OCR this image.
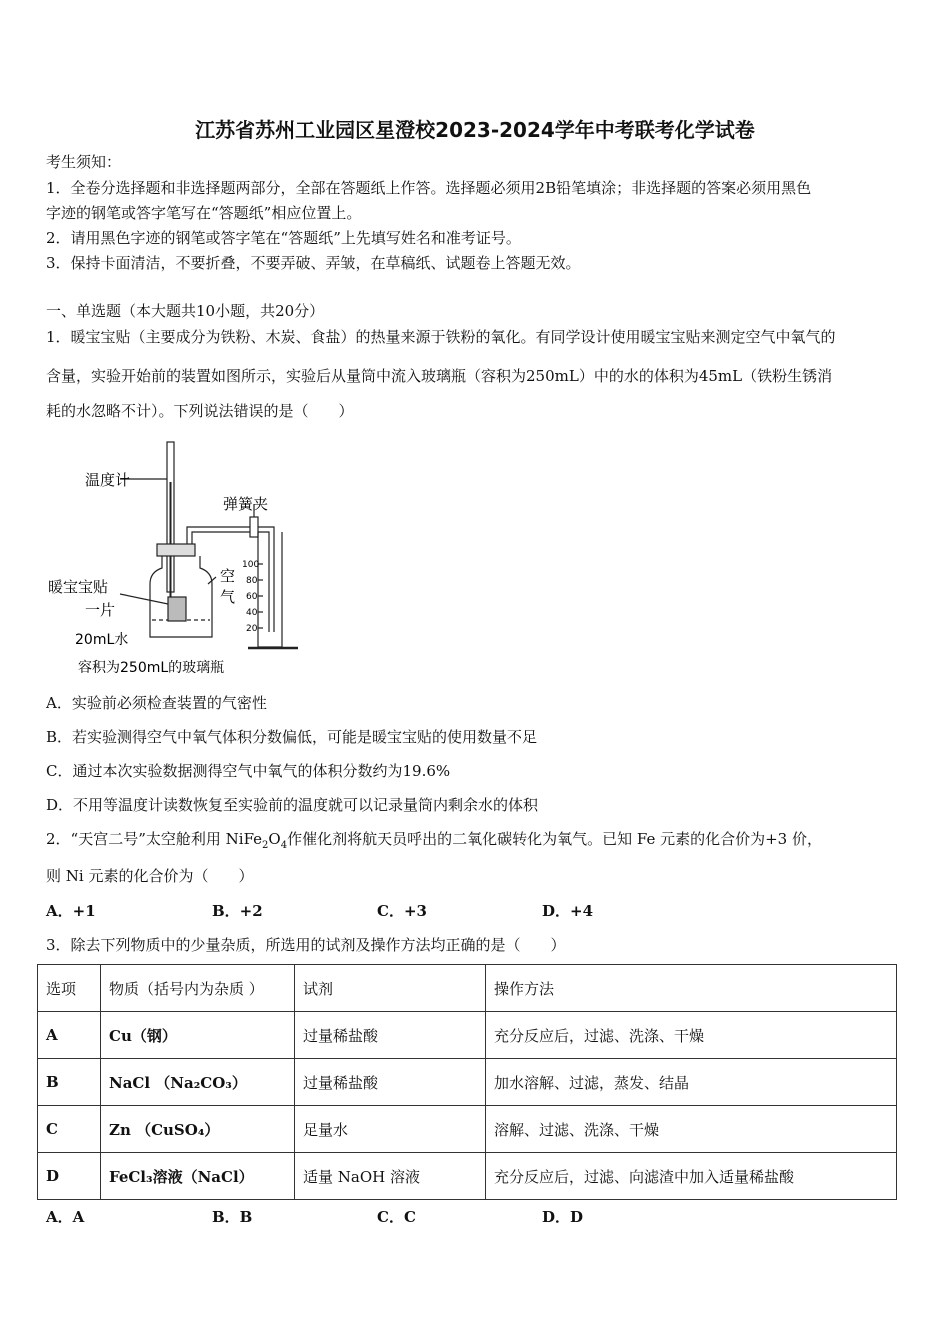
江苏省苏州工业园区星澄校2023-2024学年中考联考化学试卷
考生须知：
1．全卷分选择题和非选择题两部分，全部在答题纸上作答。选择题必须用2B铅笔填涂；非选择题的答案必须用黑色
字迹的钢笔或答字笔写在“答题纸”相应位置上。
2．请用黑色字迹的钢笔或答字笔在“答题纸”上先填写姓名和准考证号。
3．保持卡面清洁，不要折叠，不要弄破、弄皱，在草稿纸、试题卷上答题无效。
一、单选题（本大题共10小题，共20分）
1．暖宝宝贴（主要成分为铁粉、木炭、食盐）的热量来源于铁粉的氧化。有同学设计使用暖宝宝贴来测定空气中氧气的
含量，实验开始前的装置如图所示，实验后从量筒中流入玻璃瓶（容积为250mL）中的水的体积为45mL（铁粉生锈消
耗的水忽略不计）。下列说法错误的是（　　）
温度计
弹簧夹
空
气
暖宝宝贴
一片
20mL水
容积为250mL的玻璃瓶
100
80
60
40
20
A．实验前必须检查装置的气密性
B．若实验测得空气中氧气体积分数偏低，可能是暖宝宝贴的使用数量不足
C．通过本次实验数据测得空气中氧气的体积分数约为19.6%
D．不用等温度计读数恢复至实验前的温度就可以记录量筒内剩余水的体积
2．“天宫二号”太空舱利用 $NiFe_2O_4$作催化剂将航天员呼出的二氧化碳转化为氧气。已知 Fe 元素的化合价为+3 价，
则 Ni 元素的化合价为（　　）
A．+1	B．+2	C．+3	D．+4
3．除去下列物质中的少量杂质，所选用的试剂及操作方法均正确的是（　　）
选项	物质（括号内为杂质 ）	试剂	操作方法
A	Cu（钢）	过量稀盐酸	充分反应后，过滤、洗涤、干燥
B	NaCl （Na₂CO₃）	过量稀盐酸	加水溶解、过滤，蒸发、结晶
C	Zn （CuSO₄）	足量水	溶解、过滤、洗涤、干燥
D	FeCl₃溶液（NaCl）	适量 NaOH 溶液	充分反应后，过滤、向滤渣中加入适量稀盐酸
A．A	B．B	C．C	D．D
